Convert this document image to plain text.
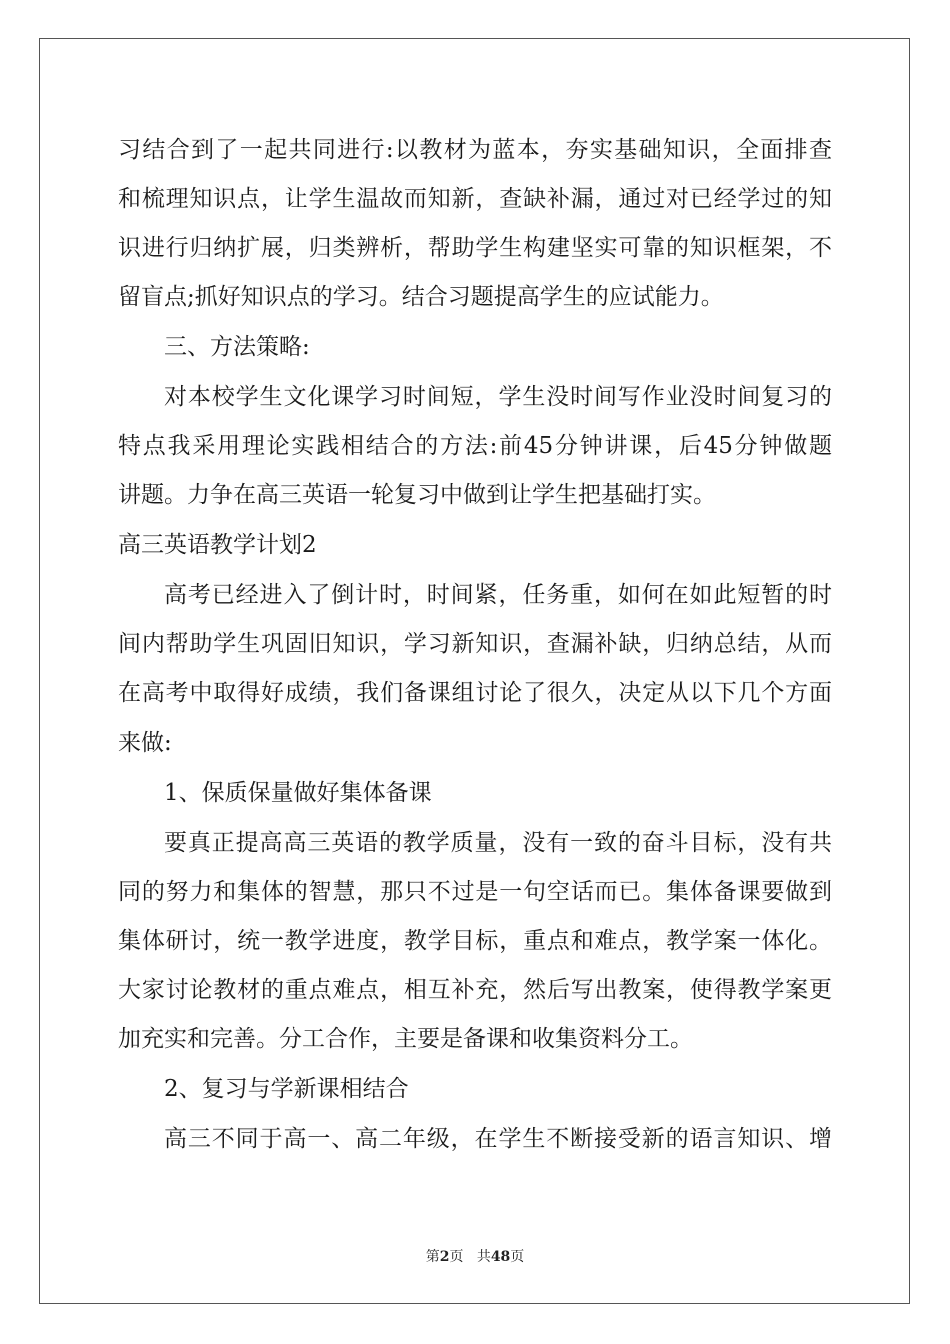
习结合到了一起共同进行:以教材为蓝本，夯实基础知识，全面排查
和梳理知识点，让学生温故而知新，查缺补漏，通过对已经学过的知
识进行归纳扩展，归类辨析，帮助学生构建坚实可靠的知识框架，不
留盲点;抓好知识点的学习。结合习题提高学生的应试能力。
三、方法策略:
对本校学生文化课学习时间短，学生没时间写作业没时间复习的
特点我采用理论实践相结合的方法:前45分钟讲课，后45分钟做题
讲题。力争在高三英语一轮复习中做到让学生把基础打实。
高三英语教学计划2
高考已经进入了倒计时，时间紧，任务重，如何在如此短暂的时
间内帮助学生巩固旧知识，学习新知识，查漏补缺，归纳总结，从而
在高考中取得好成绩，我们备课组讨论了很久，决定从以下几个方面
来做:
1、保质保量做好集体备课
要真正提高高三英语的教学质量，没有一致的奋斗目标，没有共
同的努力和集体的智慧，那只不过是一句空话而已。集体备课要做到
集体研讨，统一教学进度，教学目标，重点和难点，教学案一体化。
大家讨论教材的重点难点，相互补充，然后写出教案，使得教学案更
加充实和完善。分工合作，主要是备课和收集资料分工。
2、复习与学新课相结合
高三不同于高一、高二年级，在学生不断接受新的语言知识、增
第2页 共48页
